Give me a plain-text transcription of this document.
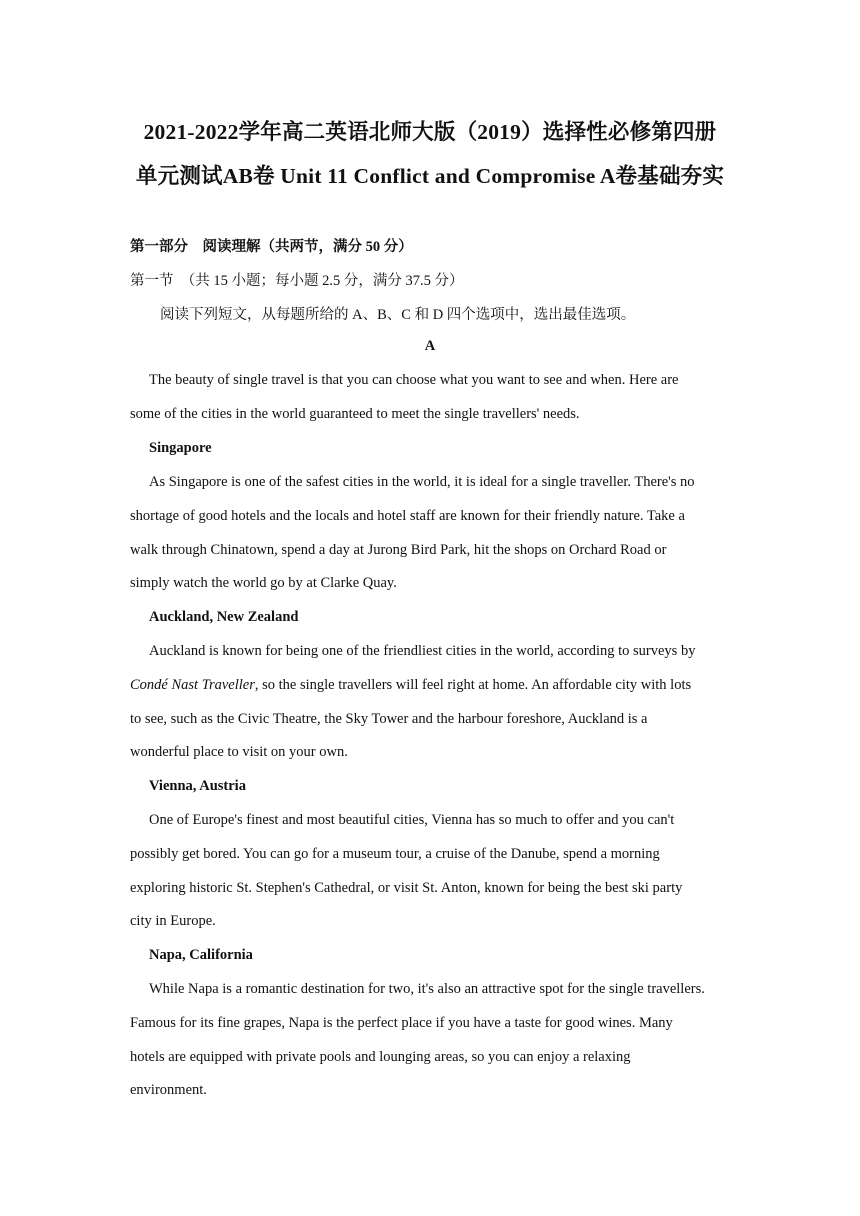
2021-2022学年高二英语北师大版（2019）选择性必修第四册
单元测试AB卷 Unit 11 Conflict and Compromise A卷基础夯实
第一部分　阅读理解（共两节，满分 50 分）
第一节　（共 15 小题；每小题 2.5 分，满分 37.5 分）
阅读下列短文，从每题所给的 A、B、C 和 D 四个选项中，选出最佳选项。
A
The beauty of single travel is that you can choose what you want to see and when. Here are
some of the cities in the world guaranteed to meet the single travellers' needs.
Singapore
As Singapore is one of the safest cities in the world, it is ideal for a single traveller. There's no
shortage of good hotels and the locals and hotel staff are known for their friendly nature. Take a
walk through Chinatown, spend a day at Jurong Bird Park, hit the shops on Orchard Road or
simply watch the world go by at Clarke Quay.
Auckland, New Zealand
Auckland is known for being one of the friendliest cities in the world, according to surveys by
Condé Nast Traveller, so the single travellers will feel right at home. An affordable city with lots
to see, such as the Civic Theatre, the Sky Tower and the harbour foreshore, Auckland is a
wonderful place to visit on your own.
Vienna, Austria
One of Europe's finest and most beautiful cities, Vienna has so much to offer and you can't
possibly get bored. You can go for a museum tour, a cruise of the Danube, spend a morning
exploring historic St. Stephen's Cathedral, or visit St. Anton, known for being the best ski party
city in Europe.
Napa, California
While Napa is a romantic destination for two, it's also an attractive spot for the single travellers.
Famous for its fine grapes, Napa is the perfect place if you have a taste for good wines. Many
hotels are equipped with private pools and lounging areas, so you can enjoy a relaxing
environment.
